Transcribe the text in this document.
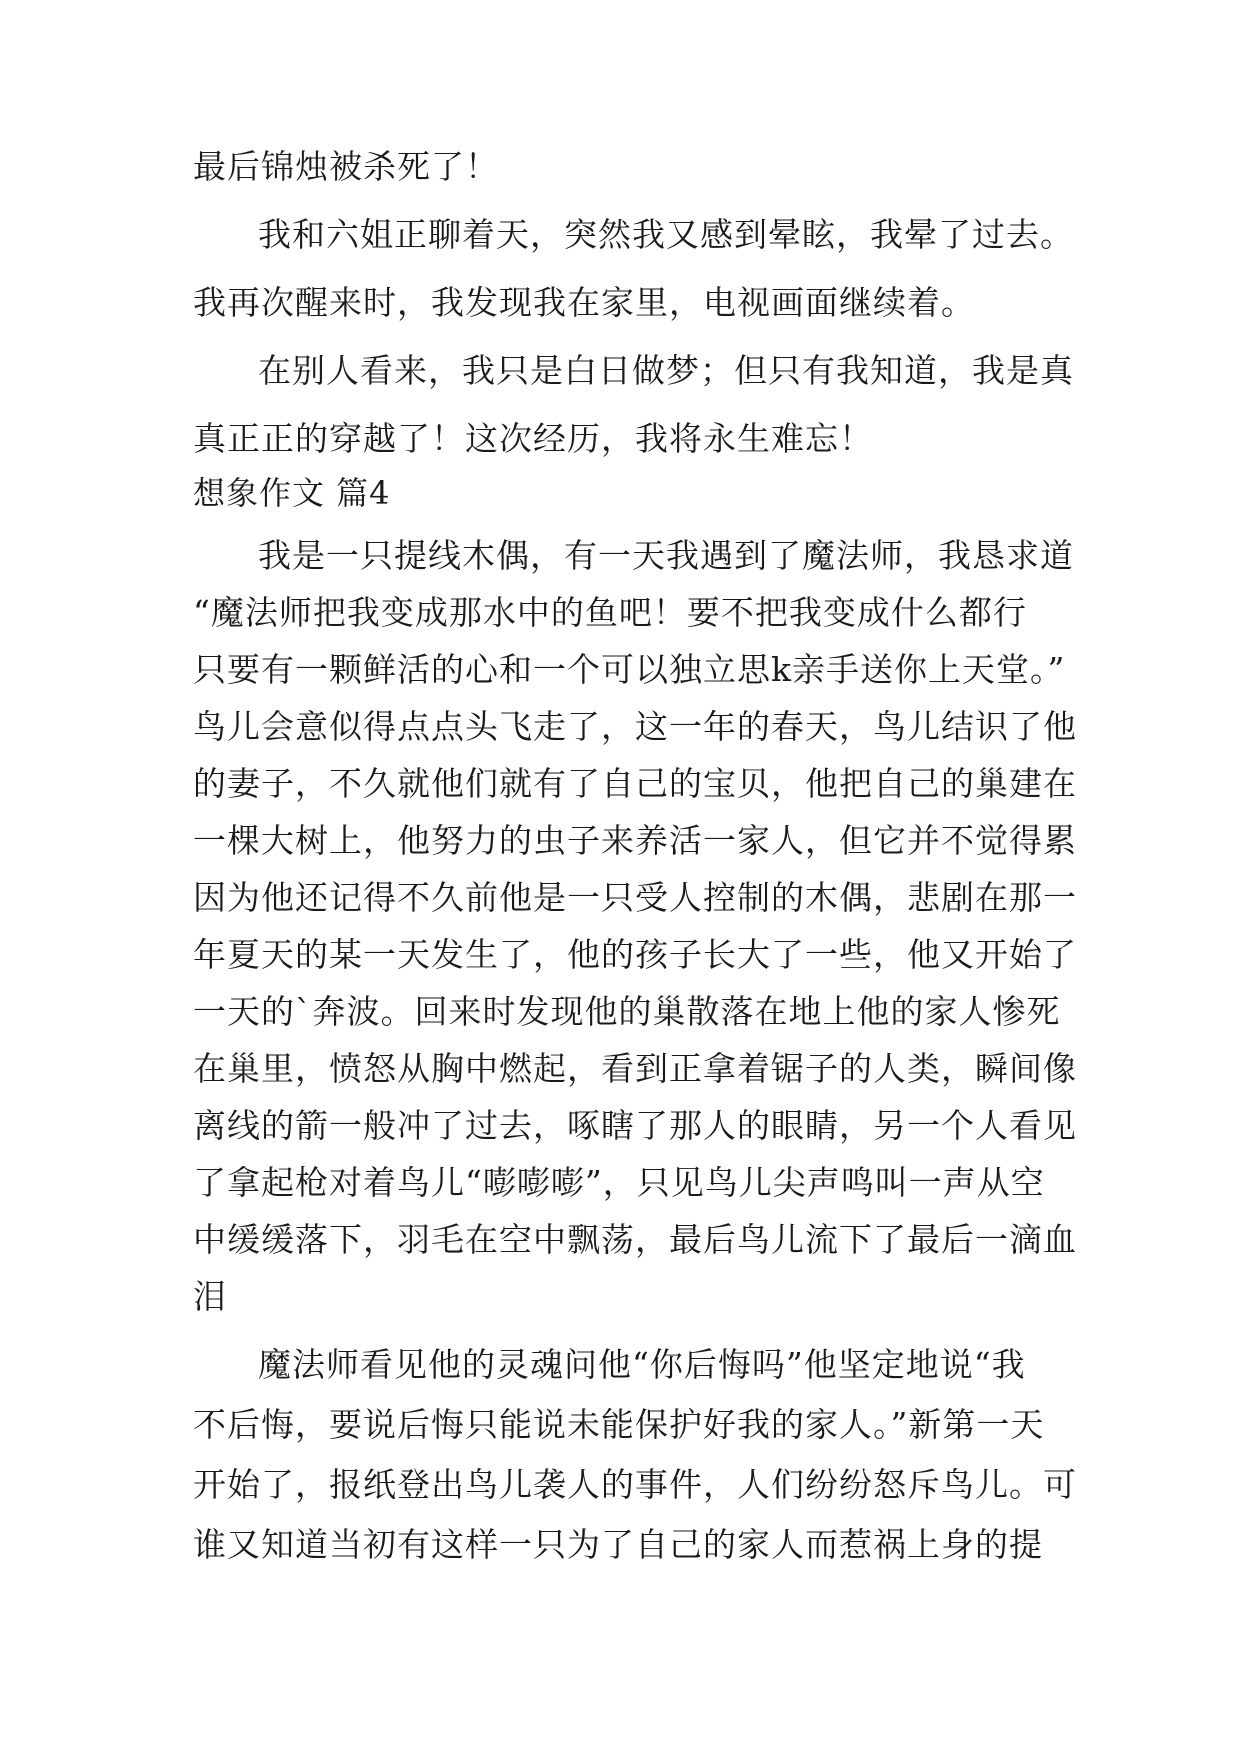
最后锦烛被杀死了！
我和六姐正聊着天，突然我又感到晕眩，我晕了过去。
我再次醒来时，我发现我在家里，电视画面继续着。
在别人看来，我只是白日做梦；但只有我知道，我是真
真正正的穿越了！这次经历，我将永生难忘！
想象作文 篇4
我是一只提线木偶，有一天我遇到了魔法师，我恳求道
“魔法师把我变成那水中的鱼吧！要不把我变成什么都行
只要有一颗鲜活的心和一个可以独立思k亲手送你上天堂。”
鸟儿会意似得点点头飞走了，这一年的春天，鸟儿结识了他
的妻子，不久就他们就有了自己的宝贝，他把自己的巢建在
一棵大树上，他努力的虫子来养活一家人，但它并不觉得累
因为他还记得不久前他是一只受人控制的木偶，悲剧在那一
年夏天的某一天发生了，他的孩子长大了一些，他又开始了
一天的`奔波。回来时发现他的巢散落在地上他的家人惨死
在巢里，愤怒从胸中燃起，看到正拿着锯子的人类，瞬间像
离线的箭一般冲了过去，啄瞎了那人的眼睛，另一个人看见
了拿起枪对着鸟儿“嘭嘭嘭”，只见鸟儿尖声鸣叫一声从空
中缓缓落下，羽毛在空中飘荡，最后鸟儿流下了最后一滴血
泪
魔法师看见他的灵魂问他“你后悔吗”他坚定地说“我
不后悔，要说后悔只能说未能保护好我的家人。”新第一天
开始了，报纸登出鸟儿袭人的事件，人们纷纷怒斥鸟儿。可
谁又知道当初有这样一只为了自己的家人而惹祸上身的提
